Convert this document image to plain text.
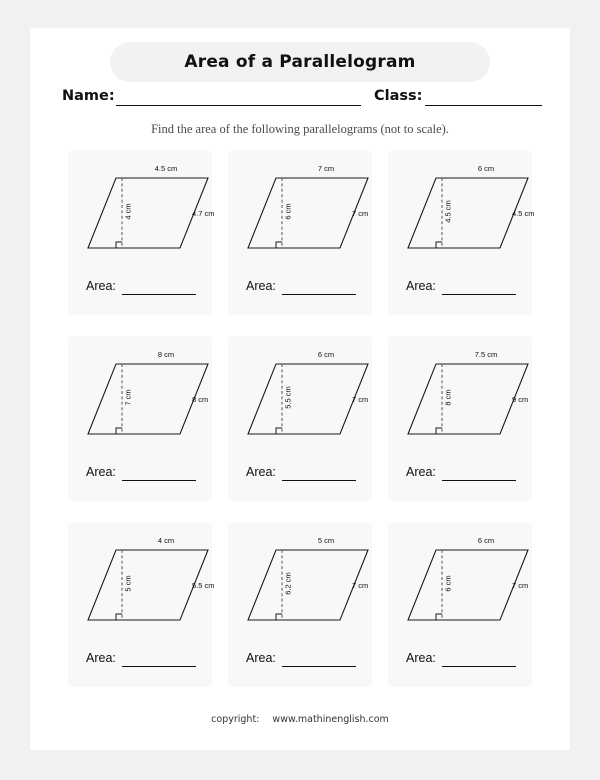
Area of a Parallelogram
Name:	Class:
Find the area of the following parallelograms (not to scale).
4.5 cm
4 cm	4.7 cm
Area:
7 cm
6 cm	7 cm
Area:
6 cm
4.5 cm	4.5 cm
Area:
8 cm
7 cm	8 cm
Area:
6 cm
5.5 cm	7 cm
Area:
7.5 cm
8 cm	9 cm
Area:
4 cm
5 cm	5.5 cm
Area:
5 cm
6.2 cm	7 cm
Area:
6 cm
6 cm	7 cm
Area:
copyright: www.mathinenglish.com
